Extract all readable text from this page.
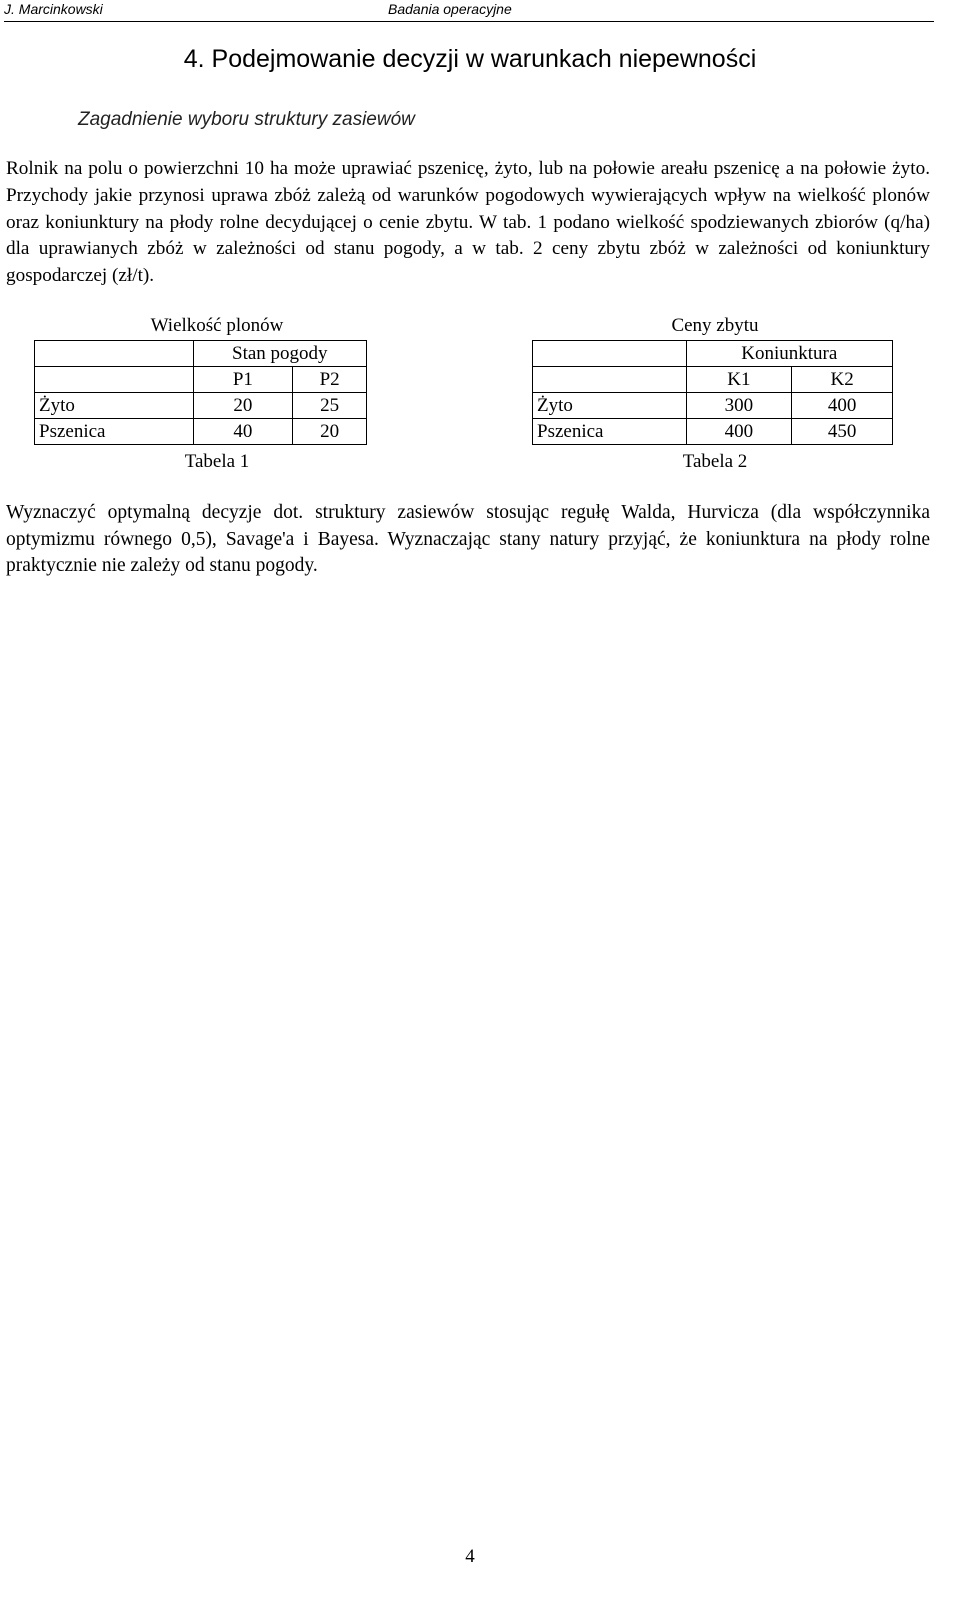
J. Marcinkowski	Badania operacyjne
4. Podejmowanie decyzji w warunkach niepewności
Zagadnienie wyboru struktury zasiewów

Rolnik na polu o powierzchni 10 ha może uprawiać pszenicę, żyto, lub na połowie areału pszenicę a na połowie żyto. Przychody jakie przynosi uprawa zbóż zależą od warunków pogodowych wywierających wpływ na wielkość plonów oraz koniunktury na płody rolne decydującej o cenie zbytu. W tab. 1 podano wielkość spodziewanych zbiorów (q/ha) dla uprawianych zbóż w zależności od stanu pogody, a w tab. 2 ceny zbytu zbóż w zależności od koniunktury gospodarczej (zł/t).

Wielkość plonów
	Stan pogody	
	P1	P2
Żyto	20	25
Pszenica	40	20
Tabela 1
Ceny zbytu
	Koniunktura	
	K1	K2
Żyto	300	400
Pszenica	400	450
Tabela 2

Wyznaczyć optymalną decyzje dot. struktury zasiewów stosując regułę Walda, Hurvicza (dla współczynnika optymizmu równego 0,5), Savage'a i Bayesa. Wyznaczając stany natury przyjąć, że koniunktura na płody rolne praktycznie nie zależy od stanu pogody.

4
